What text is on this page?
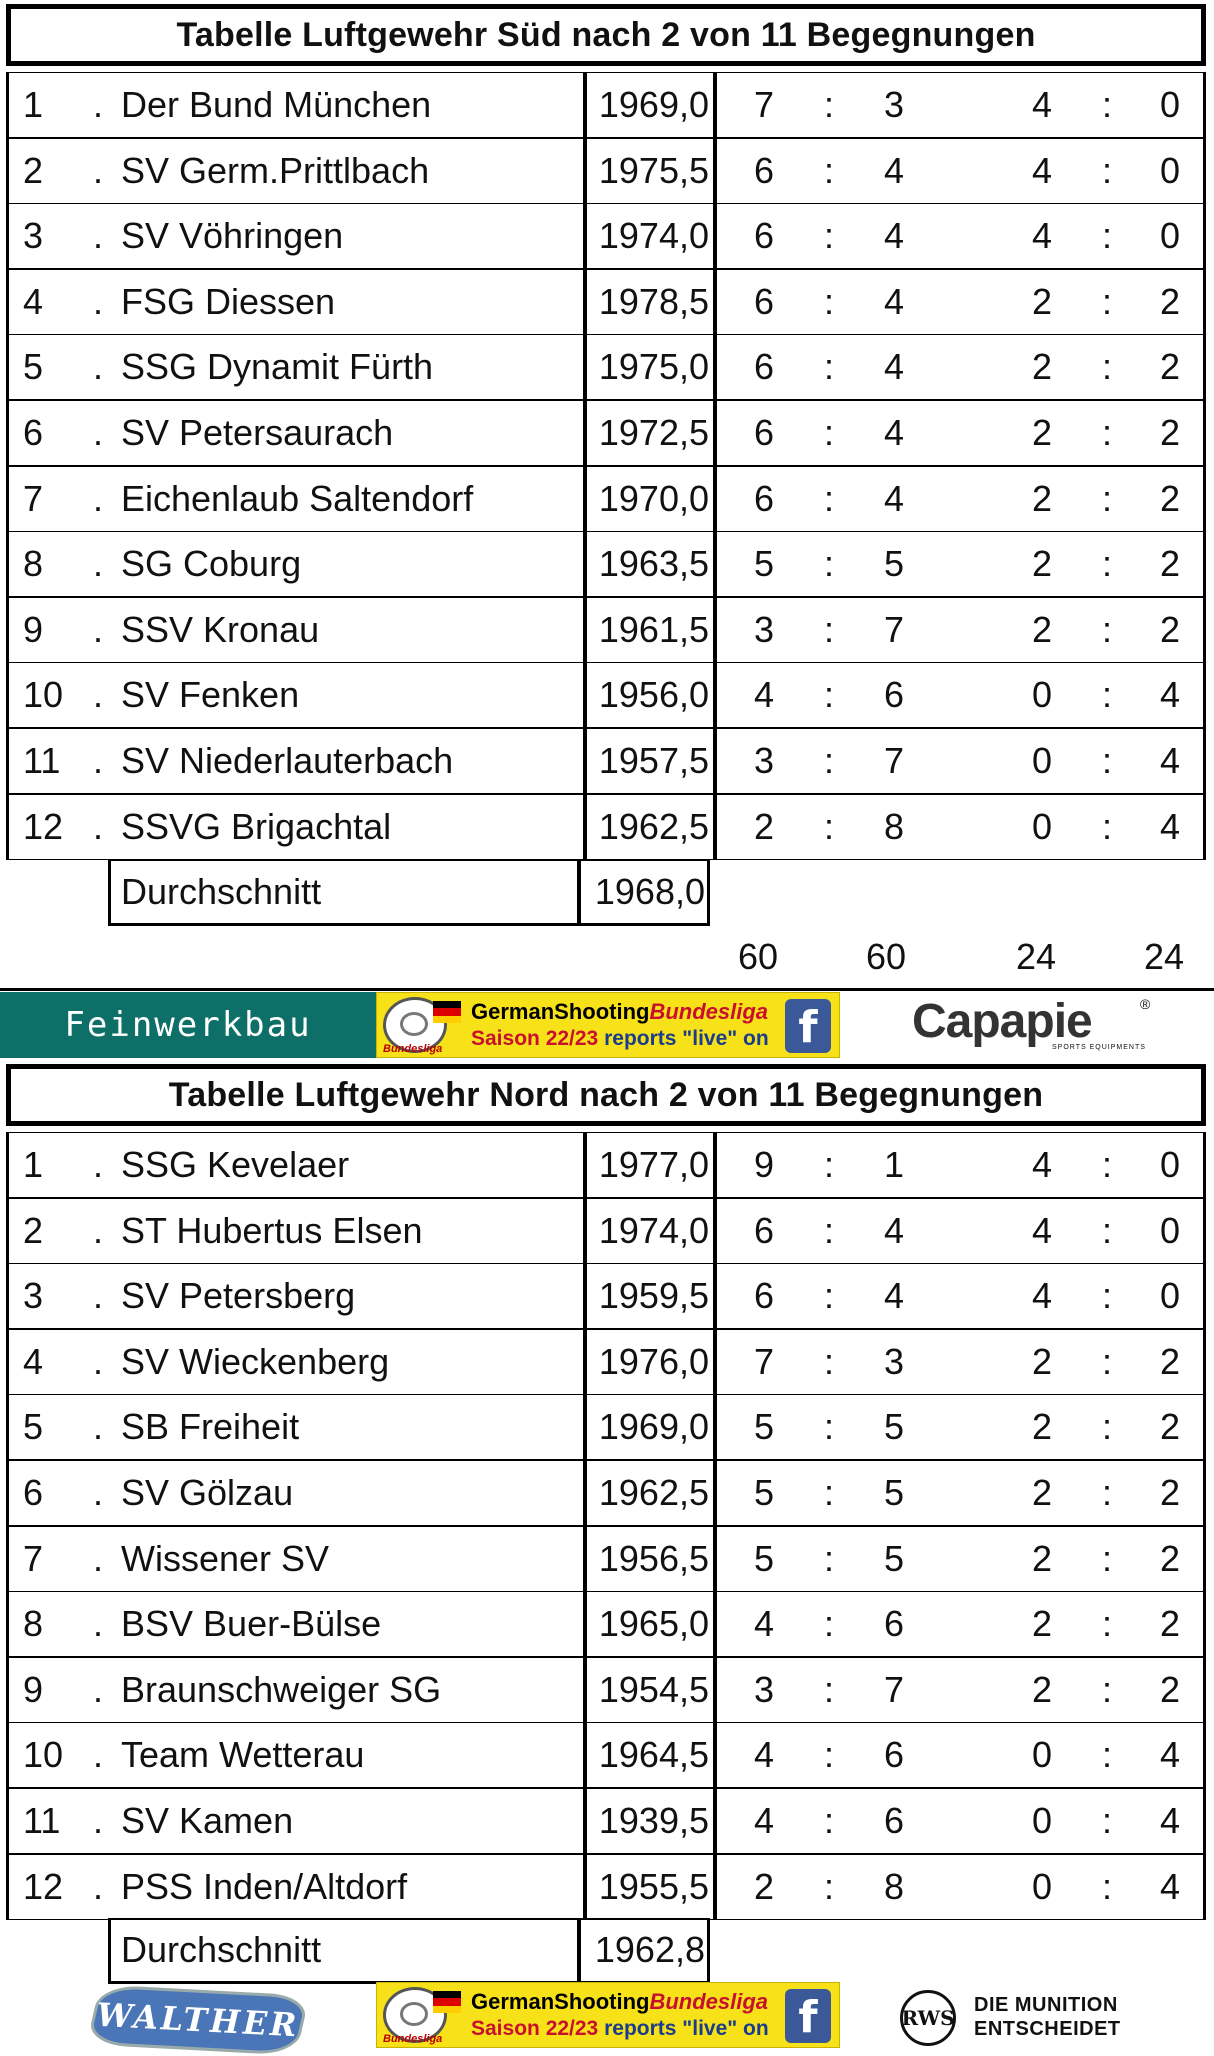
Tabelle Luftgewehr Süd nach 2 von 11 Begegnungen
1	. Der Bund München	1969,0 7 : 3	4 : 0
2	. SV Germ.Prittlbach	1975,5 6 : 4	4 : 0
3	. SV Vöhringen	1974,0 6 : 4	4 : 0
4	. FSG Diessen	1978,5 6 : 4	2 : 2
5	. SSG Dynamit Fürth	1975,0 6 : 4	2 : 2
6	. SV Petersaurach	1972,5 6 : 4	2 : 2
7	. Eichenlaub Saltendorf	1970,0 6 : 4	2 : 2
8	. SG Coburg	1963,5 5 : 5	2 : 2
9	. SSV Kronau	1961,5 3 : 7	2 : 2
10 . SV Fenken	1956,0 4 : 6	0 : 4
11 . SV Niederlauterbach	1957,5 3 : 7	0 : 4
12 . SSVG Brigachtal	1962,5 2 : 8	0 : 4
Durchschnitt	1968,0
60 60	24 24
Feinwerkbau
Bundesliga
GermanShootingBundesliga
Saison 22/23 reports "live" on f Capapie	®
SPORTS EQUIPMENTS
Tabelle Luftgewehr Nord nach 2 von 11 Begegnungen
1	. SSG Kevelaer	1977,0 9 : 1	4 : 0
2	. ST Hubertus Elsen	1974,0 6 : 4	4 : 0
3	. SV Petersberg	1959,5 6 : 4	4 : 0
4	. SV Wieckenberg	1976,0 7 : 3	2 : 2
5	. SB Freiheit	1969,0 5 : 5	2 : 2
6	. SV Gölzau	1962,5 5 : 5	2 : 2
7	. Wissener SV	1956,5 5 : 5	2 : 2
8	. BSV Buer-Bülse	1965,0 4 : 6	2 : 2
9	. Braunschweiger SG	1954,5 3 : 7	2 : 2
10 . Team Wetterau	1964,5 4 : 6	0 : 4
11 . SV Kamen	1939,5 4 : 6	0 : 4
12 . PSS Inden/Altdorf	1955,5 2 : 8	0 : 4
Durchschnitt	1962,8
WALTHER	Bundesliga
GermanShootingBundesliga
Saison 22/23 reports "live" on f	RWS
DIE MUNITION
ENTSCHEIDET
